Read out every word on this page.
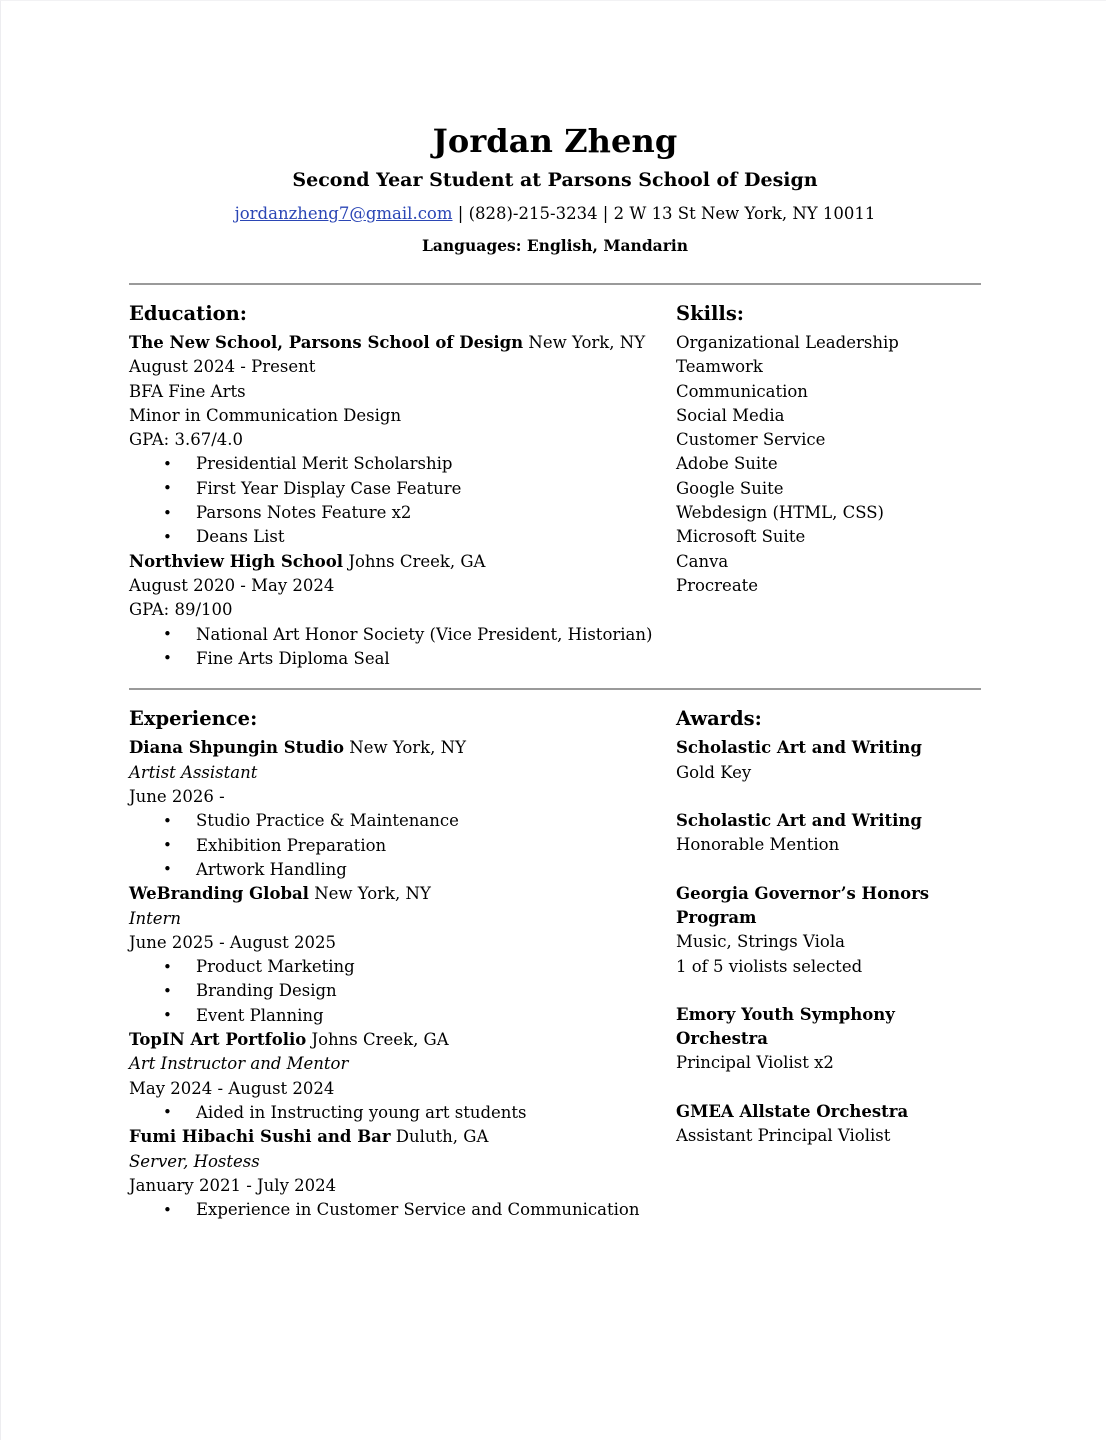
Jordan Zheng
Second Year Student at Parsons School of Design
jordanzheng7@gmail.com | (828)-215-3234 | 2 W 13 St New York, NY 10011
Languages: English, Mandarin
Education:
The New School, Parsons School of Design New York, NY
August 2024 - Present
BFA Fine Arts
Minor in Communication Design
GPA: 3.67/4.0
• Presidential Merit Scholarship
• First Year Display Case Feature
• Parsons Notes Feature x2
• Deans List
Northview High School Johns Creek, GA
August 2020 - May 2024
GPA: 89/100
• National Art Honor Society (Vice President, Historian)
• Fine Arts Diploma Seal
Skills:
Organizational Leadership
Teamwork
Communication
Social Media
Customer Service
Adobe Suite
Google Suite
Webdesign (HTML, CSS)
Microsoft Suite
Canva
Procreate
Experience:
Diana Shpungin Studio New York, NY
Artist Assistant
June 2026 -
• Studio Practice & Maintenance
• Exhibition Preparation
• Artwork Handling
WeBranding Global New York, NY
Intern
June 2025 - August 2025
• Product Marketing
• Branding Design
• Event Planning
TopIN Art Portfolio Johns Creek, GA
Art Instructor and Mentor
May 2024 - August 2024
• Aided in Instructing young art students
Fumi Hibachi Sushi and Bar Duluth, GA
Server, Hostess
January 2021 - July 2024
• Experience in Customer Service and Communication
Awards:
Scholastic Art and Writing
Gold Key
Scholastic Art and Writing
Honorable Mention
Georgia Governor’s Honors Program
Music, Strings Viola
1 of 5 violists selected
Emory Youth Symphony Orchestra
Principal Violist x2
GMEA Allstate Orchestra
Assistant Principal Violist
